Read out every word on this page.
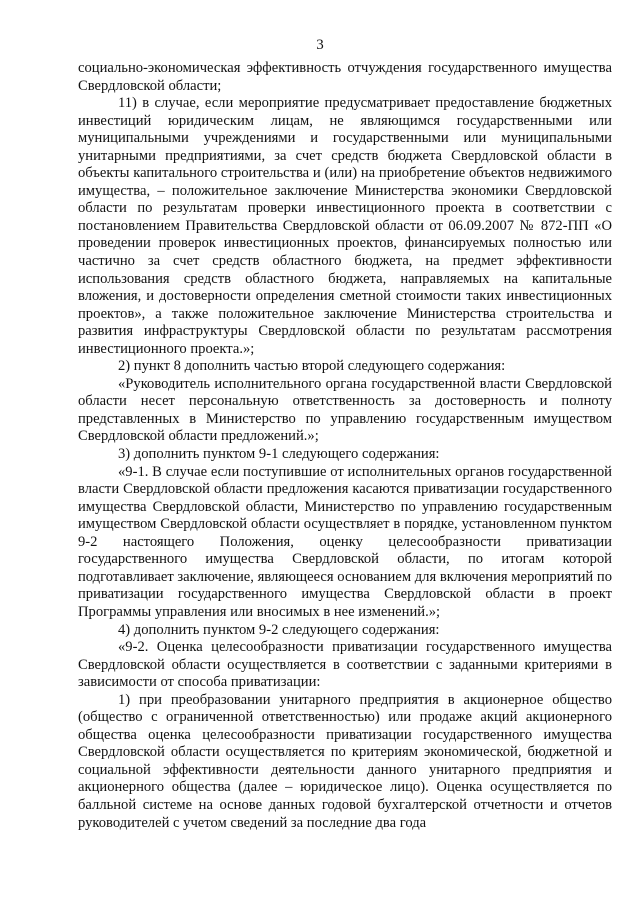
3

социально-экономическая эффективность отчуждения государственного имущества Свердловской области;

11) в случае, если мероприятие предусматривает предоставление бюджетных инвестиций юридическим лицам, не являющимся государственными или муниципальными учреждениями и государственными или муниципальными унитарными предприятиями, за счет средств бюджета Свердловской области в объекты капитального строительства и (или) на приобретение объектов недвижимого имущества, – положительное заключение Министерства экономики Свердловской области по результатам проверки инвестиционного проекта в соответствии с постановлением Правительства Свердловской области от 06.09.2007 № 872-ПП «О проведении проверок инвестиционных проектов, финансируемых полностью или частично за счет средств областного бюджета, на предмет эффективности использования средств областного бюджета, направляемых на капитальные вложения, и достоверности определения сметной стоимости таких инвестиционных проектов», а также положительное заключение Министерства строительства и развития инфраструктуры Свердловской области по результатам рассмотрения инвестиционного проекта.»;

2) пункт 8 дополнить частью второй следующего содержания:

«Руководитель исполнительного органа государственной власти Свердловской области несет персональную ответственность за достоверность и полноту представленных в Министерство по управлению государственным имуществом Свердловской области предложений.»;

3) дополнить пунктом 9-1 следующего содержания:

«9-1. В случае если поступившие от исполнительных органов государственной власти Свердловской области предложения касаются приватизации государственного имущества Свердловской области, Министерство по управлению государственным имуществом Свердловской области осуществляет в порядке, установленном пунктом 9-2 настоящего Положения, оценку целесообразности приватизации государственного имущества Свердловской области, по итогам которой подготавливает заключение, являющееся основанием для включения мероприятий по приватизации государственного имущества Свердловской области в проект Программы управления или вносимых в нее изменений.»;

4) дополнить пунктом 9-2 следующего содержания:

«9-2. Оценка целесообразности приватизации государственного имущества Свердловской области осуществляется в соответствии с заданными критериями в зависимости от способа приватизации:

1) при преобразовании унитарного предприятия в акционерное общество (общество с ограниченной ответственностью) или продаже акций акционерного общества оценка целесообразности приватизации государственного имущества Свердловской области осуществляется по критериям экономической, бюджетной и социальной эффективности деятельности данного унитарного предприятия и акционерного общества (далее – юридическое лицо). Оценка осуществляется по балльной системе на основе данных годовой бухгалтерской отчетности и отчетов руководителей с учетом сведений за последние два года
